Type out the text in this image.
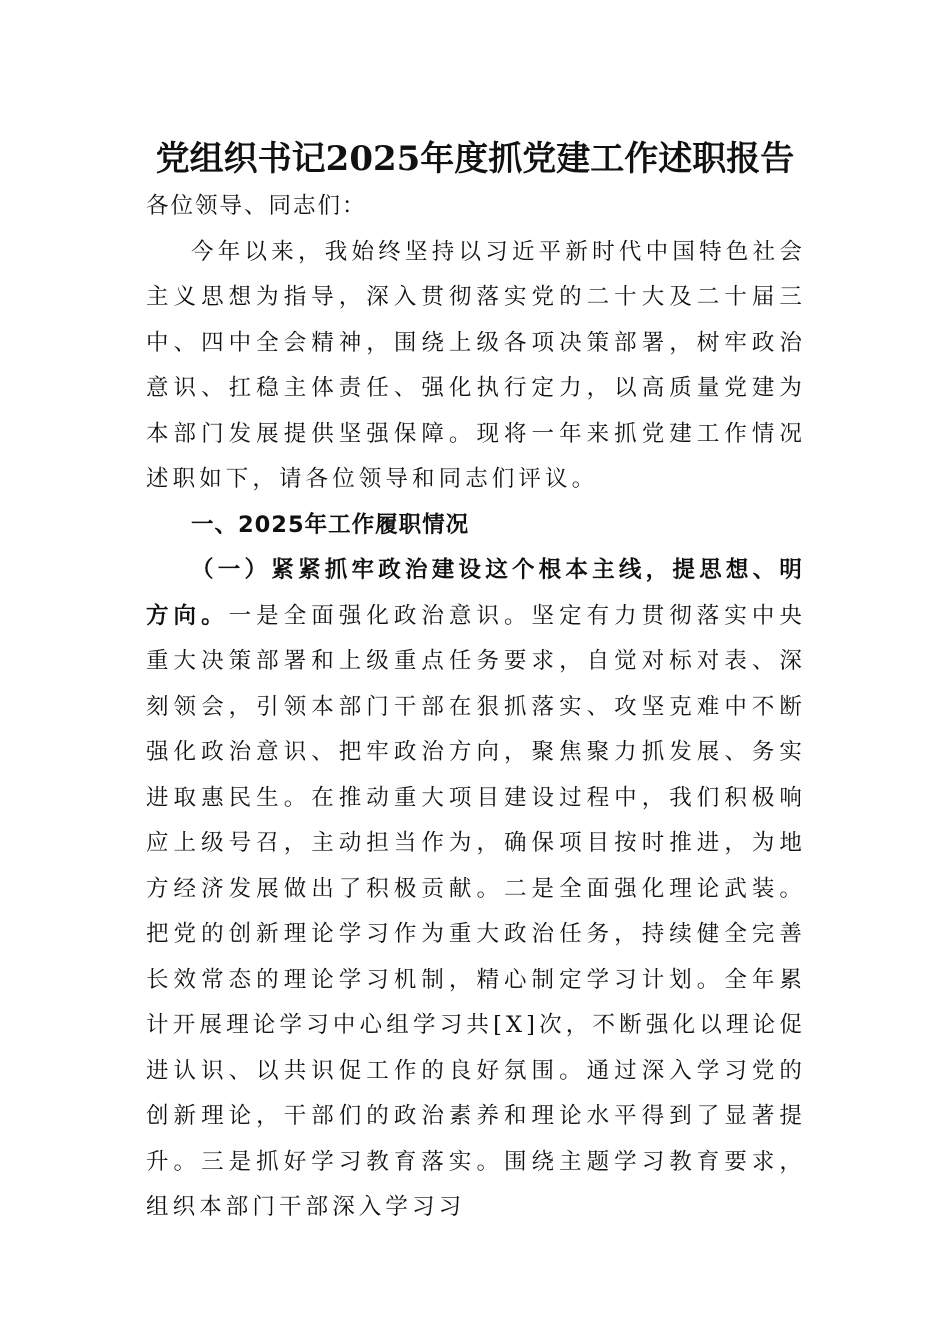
党组织书记2025年度抓党建工作述职报告

各位领导、同志们：

今年以来，我始终坚持以习近平新时代中国特色社会主义思想为指导，深入贯彻落实党的二十大及二十届三中、四中全会精神，围绕上级各项决策部署，树牢政治意识、扛稳主体责任、强化执行定力，以高质量党建为本部门发展提供坚强保障。现将一年来抓党建工作情况述职如下，请各位领导和同志们评议。

一、2025年工作履职情况

（一）紧紧抓牢政治建设这个根本主线，提思想、明方向。一是全面强化政治意识。坚定有力贯彻落实中央重大决策部署和上级重点任务要求，自觉对标对表、深刻领会，引领本部门干部在狠抓落实、攻坚克难中不断强化政治意识、把牢政治方向，聚焦聚力抓发展、务实进取惠民生。在推动重大项目建设过程中，我们积极响应上级号召，主动担当作为，确保项目按时推进，为地方经济发展做出了积极贡献。二是全面强化理论武装。把党的创新理论学习作为重大政治任务，持续健全完善长效常态的理论学习机制，精心制定学习计划。全年累计开展理论学习中心组学习共[X]次，不断强化以理论促进认识、以共识促工作的良好氛围。通过深入学习党的创新理论，干部们的政治素养和理论水平得到了显著提升。三是抓好学习教育落实。围绕主题学习教育要求，组织本部门干部深入学习习
